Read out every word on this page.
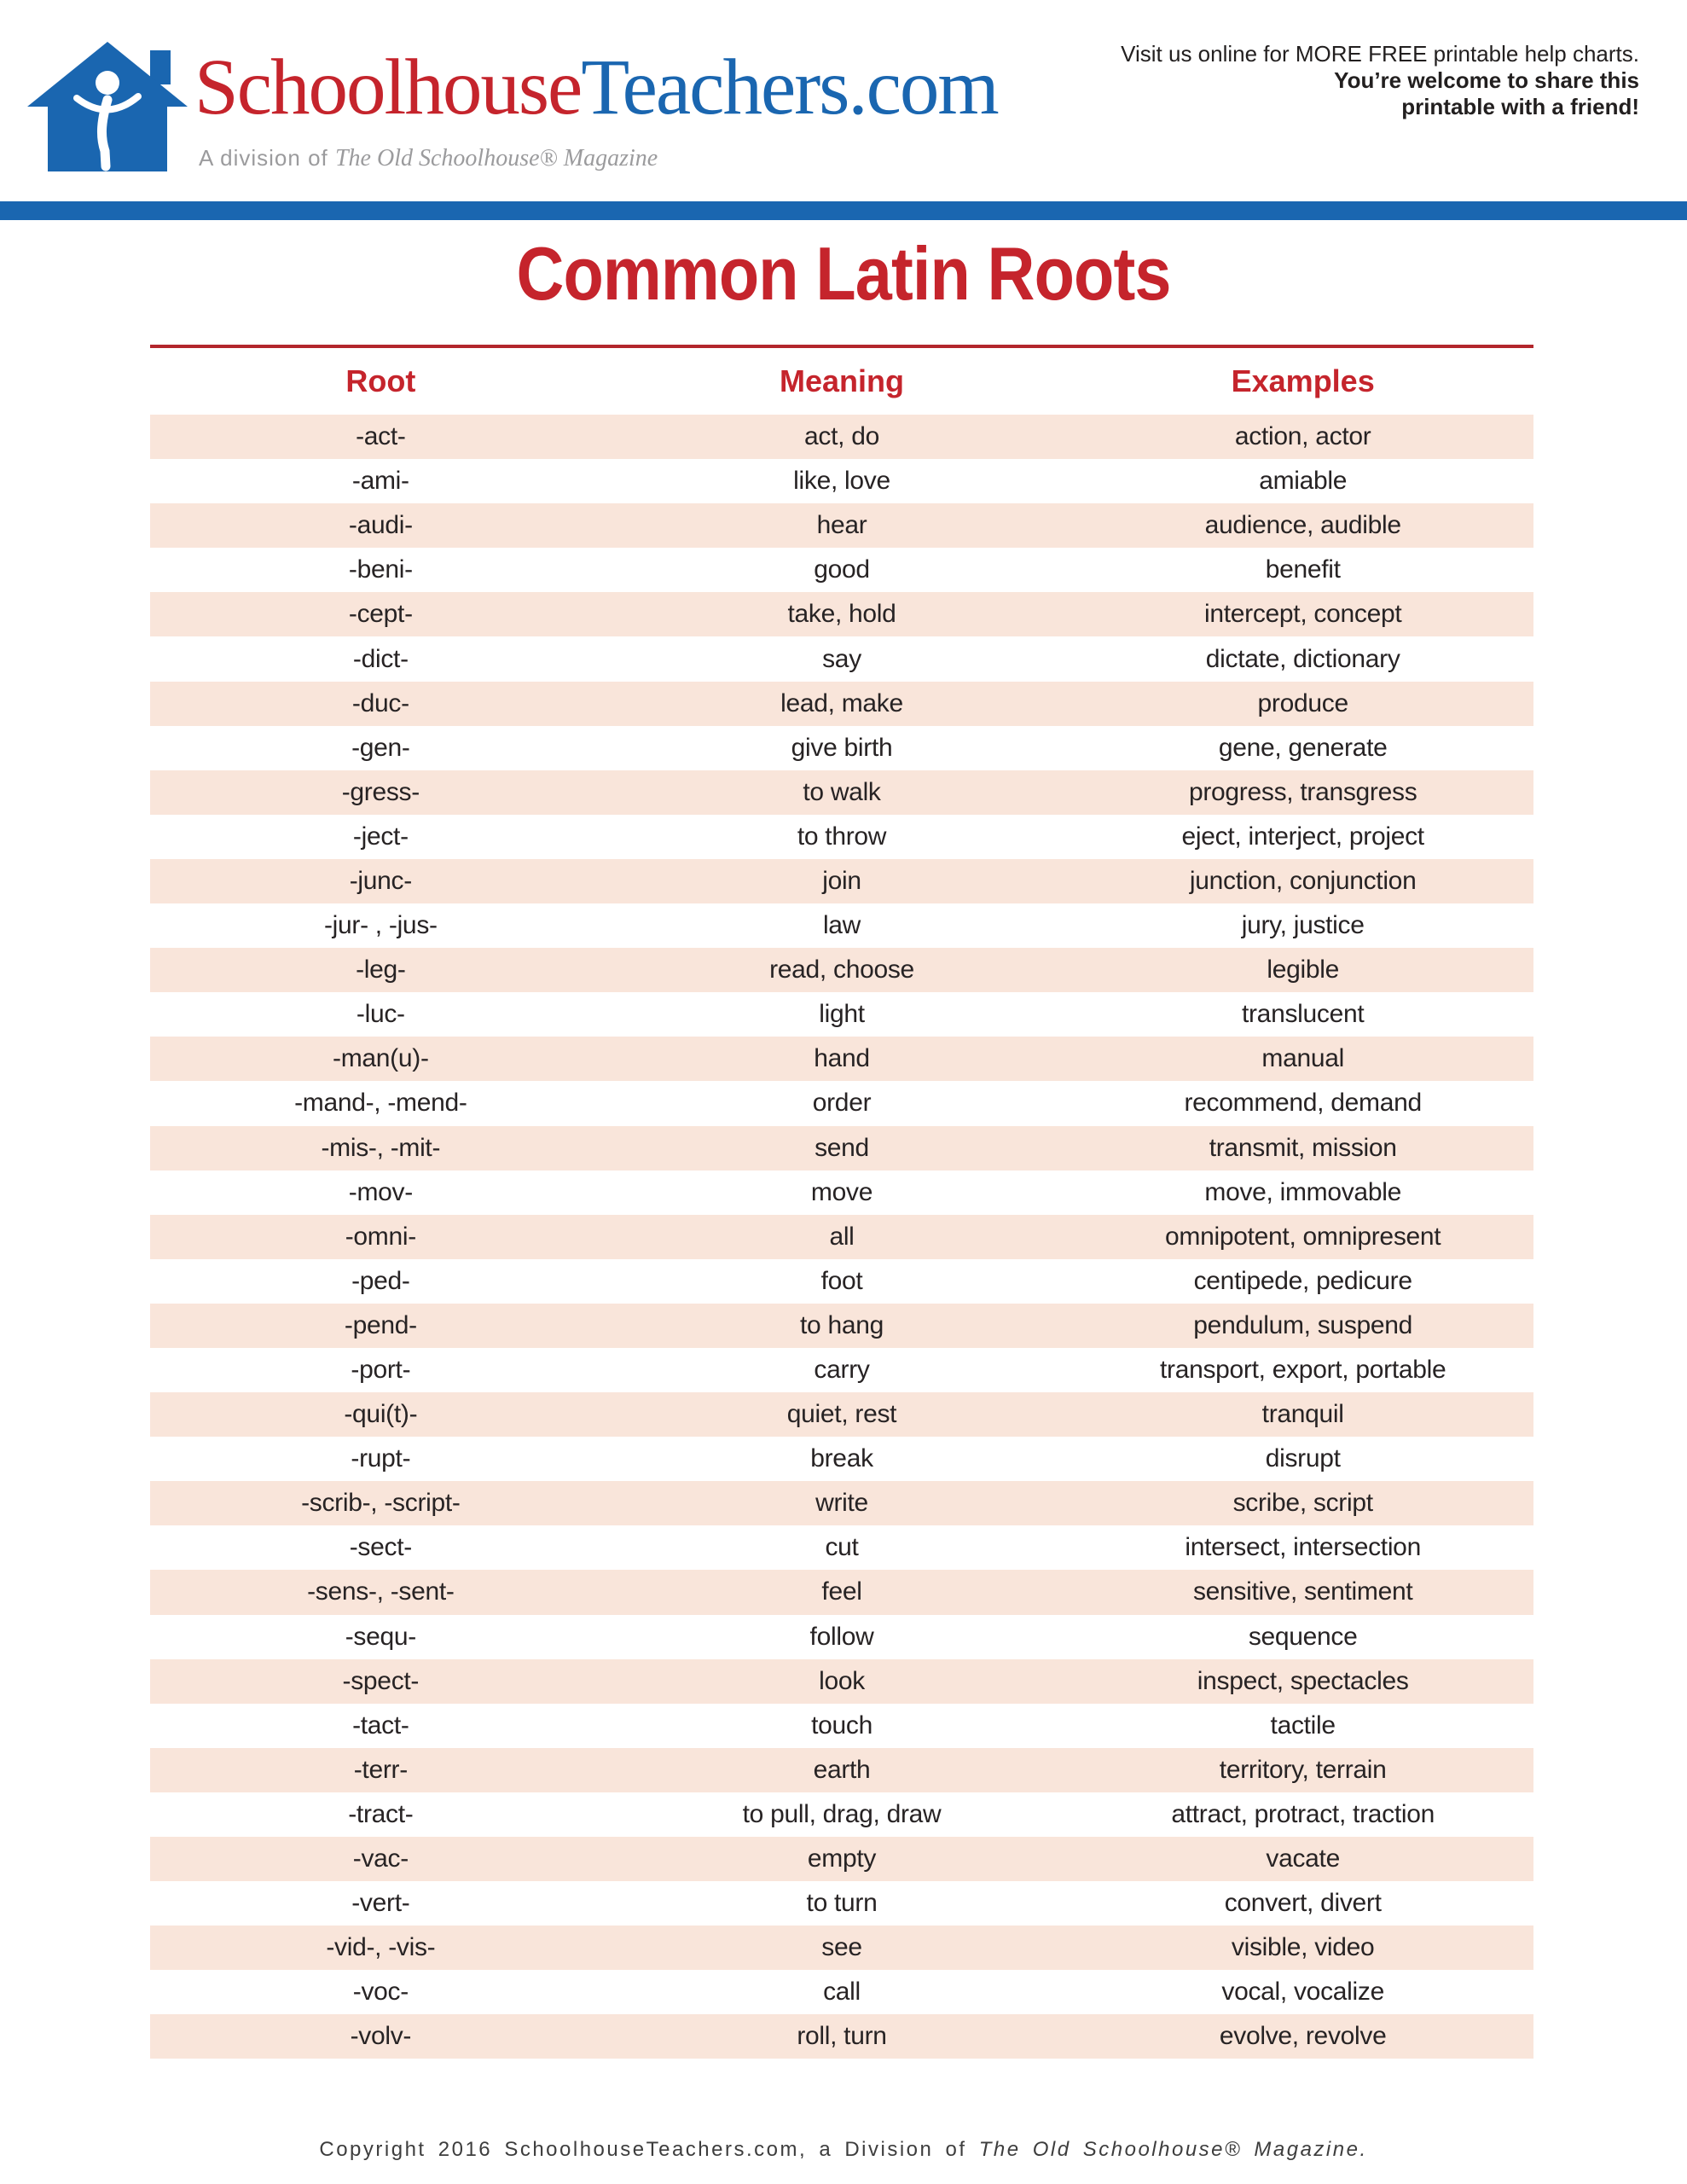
SchoolhouseTeachers.com
A division of The Old Schoolhouse® Magazine
Visit us online for MORE FREE printable help charts.
You’re welcome to share this
printable with a friend!
Common Latin Roots
Root	Meaning	Examples
-act-	act, do	action, actor
-ami-	like, love	amiable
-audi-	hear	audience, audible
-beni-	good	benefit
-cept-	take, hold	intercept, concept
-dict-	say	dictate, dictionary
-duc-	lead, make	produce
-gen-	give birth	gene, generate
-gress-	to walk	progress, transgress
-ject-	to throw	eject, interject, project
-junc-	join	junction, conjunction
-jur- , -jus-	law	jury, justice
-leg-	read, choose	legible
-luc-	light	translucent
-man(u)-	hand	manual
-mand-, -mend-	order	recommend, demand
-mis-, -mit-	send	transmit, mission
-mov-	move	move, immovable
-omni-	all	omnipotent, omnipresent
-ped-	foot	centipede, pedicure
-pend-	to hang	pendulum, suspend
-port-	carry	transport, export, portable
-qui(t)-	quiet, rest	tranquil
-rupt-	break	disrupt
-scrib-, -script-	write	scribe, script
-sect-	cut	intersect, intersection
-sens-, -sent-	feel	sensitive, sentiment
-sequ-	follow	sequence
-spect-	look	inspect, spectacles
-tact-	touch	tactile
-terr-	earth	territory, terrain
-tract-	to pull, drag, draw	attract, protract, traction
-vac-	empty	vacate
-vert-	to turn	convert, divert
-vid-, -vis-	see	visible, video
-voc-	call	vocal, vocalize
-volv-	roll, turn	evolve, revolve
Copyright 2016 SchoolhouseTeachers.com, a Division of The Old Schoolhouse® Magazine.
